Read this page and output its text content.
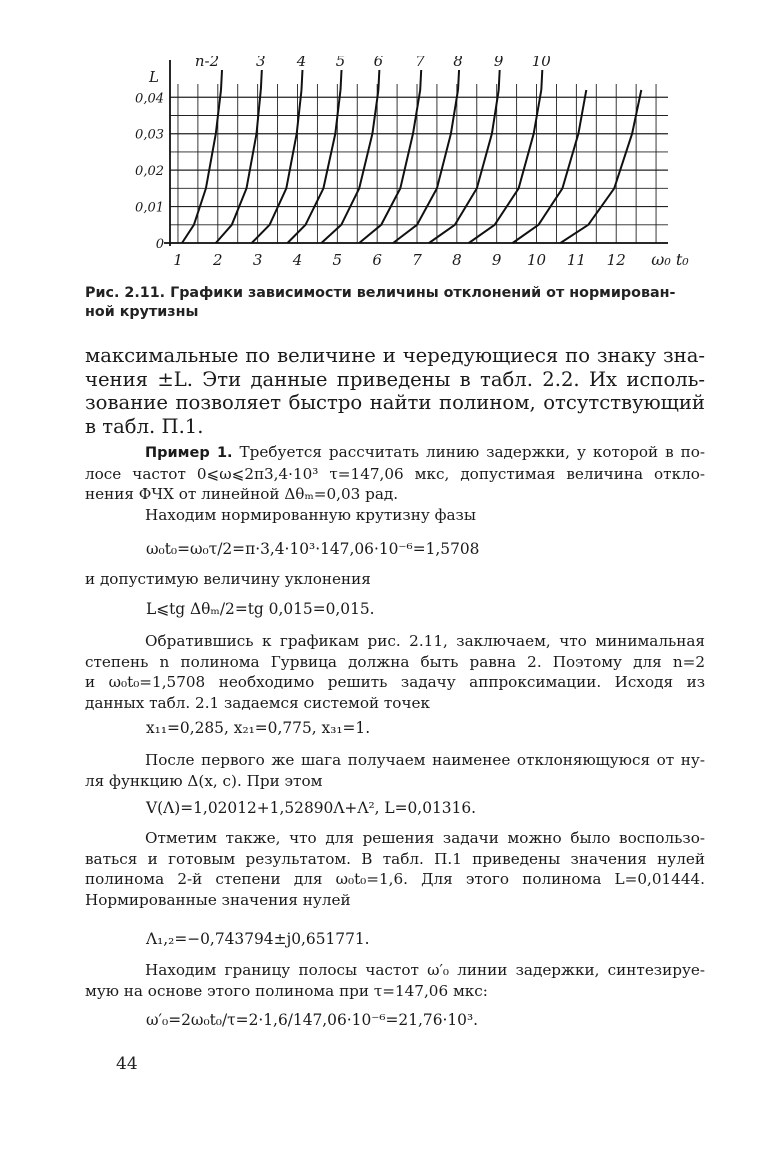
n-2 3 4 5 6 7 8 9 10
0,04
0,03
0,02
0,01
0
L
1 2 3 4 5 6 7 8 9 10 11 12 ω₀ t₀
Рис. 2.11. Графики зависимости величины отклонений от нормирован-
ной крутизны
максимальные по величине и чередующиеся по знаку зна-
чения ±L. Эти данные приведены в табл. 2.2. Их исполь-
зование позволяет быстро найти полином, отсутствующий
в табл. П.1.
Пример 1. Требуется рассчитать линию задержки, у которой в по-
лосе частот 0⩽ω⩽2π3,4·10³ τ=147,06 мкс, допустимая величина откло-
нения ФЧХ от линейной Δθₘ=0,03 рад.
Находим нормированную крутизну фазы
ω₀t₀=ω₀τ/2=π·3,4·10³·147,06·10⁻⁶=1,5708
и допустимую величину уклонения
L⩽tg Δθₘ/2=tg 0,015=0,015.
Обратившись к графикам рис. 2.11, заключаем, что минимальная
степень n полинома Гурвица должна быть равна 2. Поэтому для n=2
и ω₀t₀=1,5708 необходимо решить задачу аппроксимации. Исходя из
данных табл. 2.1 задаемся системой точек
x₁₁=0,285, x₂₁=0,775, x₃₁=1.
После первого же шага получаем наименее отклоняющуюся от ну-
ля функцию Δ(x, c). При этом
V(Λ)=1,02012+1,52890Λ+Λ², L=0,01316.
Отметим также, что для решения задачи можно было воспользо-
ваться и готовым результатом. В табл. П.1 приведены значения нулей
полинома 2-й степени для ω₀t₀=1,6. Для этого полинома L=0,01444.
Нормированные значения нулей
Λ₁,₂=−0,743794±j0,651771.
Находим границу полосы частот ω′₀ линии задержки, синтезируе-
мую на основе этого полинома при τ=147,06 мкс:
ω′₀=2ω₀t₀/τ=2·1,6/147,06·10⁻⁶=21,76·10³.
44
